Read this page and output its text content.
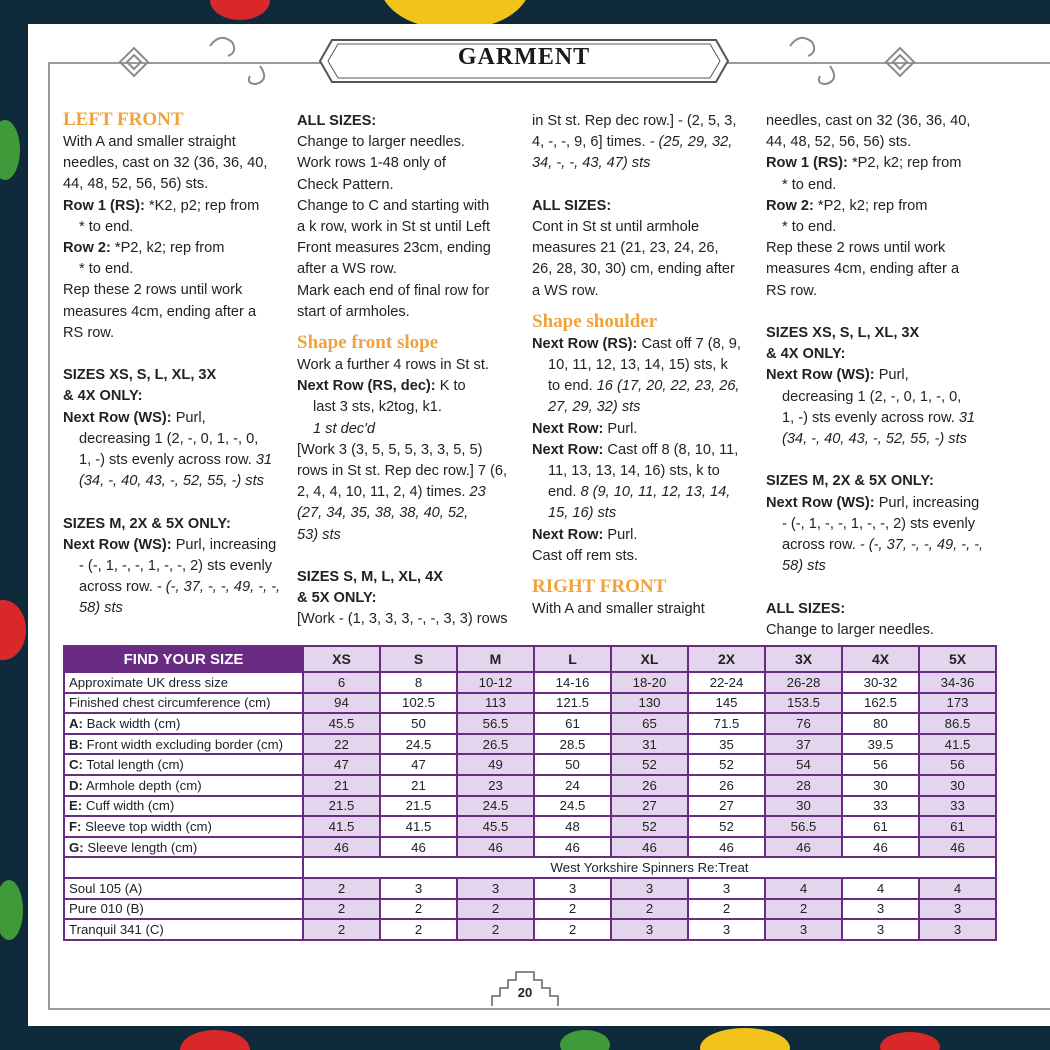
GARMENT

LEFT FRONT

With A and smaller straight

needles, cast on 32 (36, 36, 40,

44, 48, 52, 56, 56) sts.

Row 1 (RS): *K2, p2; rep from

* to end.

Row 2: *P2, k2; rep from

* to end.

Rep these 2 rows until work

measures 4cm, ending after a

RS row.

SIZES XS, S, L, XL, 3X

& 4X ONLY:

Next Row (WS): Purl,

decreasing 1 (2, -, 0, 1, -, 0,

1, -) sts evenly across row. 31

(34, -, 40, 43, -, 52, 55, -) sts

SIZES M, 2X & 5X ONLY:

Next Row (WS): Purl, increasing

- (-, 1, -, -, 1, -, -, 2) sts evenly

across row. - (-, 37, -, -, 49, -, -,

58) sts

ALL SIZES:

Change to larger needles.

Work rows 1-48 only of

Check Pattern.

Change to C and starting with

a k row, work in St st until Left

Front measures 23cm, ending

after a WS row.

Mark each end of final row for

start of armholes.

Shape front slope

Work a further 4 rows in St st.

Next Row (RS, dec): K to

last 3 sts, k2tog, k1.

1 st dec'd

[Work 3 (3, 5, 5, 5, 3, 3, 5, 5)

rows in St st. Rep dec row.] 7 (6,

2, 4, 4, 10, 11, 2, 4) times. 23

(27, 34, 35, 38, 38, 40, 52,

53) sts

SIZES S, M, L, XL, 4X

& 5X ONLY:

[Work - (1, 3, 3, 3, -, -, 3, 3) rows

in St st. Rep dec row.] - (2, 5, 3,

4, -, -, 9, 6] times. - (25, 29, 32,

34, -, -, 43, 47) sts

ALL SIZES:

Cont in St st until armhole

measures 21 (21, 23, 24, 26,

26, 28, 30, 30) cm, ending after

a WS row.

Shape shoulder

Next Row (RS): Cast off 7 (8, 9,

10, 11, 12, 13, 14, 15) sts, k

to end. 16 (17, 20, 22, 23, 26,

27, 29, 32) sts

Next Row: Purl.

Next Row: Cast off 8 (8, 10, 11,

11, 13, 13, 14, 16) sts, k to

end. 8 (9, 10, 11, 12, 13, 14,

15, 16) sts

Next Row: Purl.

Cast off rem sts.

RIGHT FRONT

With A and smaller straight

needles, cast on 32 (36, 36, 40,

44, 48, 52, 56, 56) sts.

Row 1 (RS): *P2, k2; rep from

* to end.

Row 2: *P2, k2; rep from

* to end.

Rep these 2 rows until work

measures 4cm, ending after a

RS row.

SIZES XS, S, L, XL, 3X

& 4X ONLY:

Next Row (WS): Purl,

decreasing 1 (2, -, 0, 1, -, 0,

1, -) sts evenly across row. 31

(34, -, 40, 43, -, 52, 55, -) sts

SIZES M, 2X & 5X ONLY:

Next Row (WS): Purl, increasing

- (-, 1, -, -, 1, -, -, 2) sts evenly

across row. - (-, 37, -, -, 49, -, -,

58) sts

ALL SIZES:

Change to larger needles.

FIND YOUR SIZE	XS	S	M	L	XL	2X	3X	4X	5X
Approximate UK dress size	6	8	10-12	14-16	18-20	22-24	26-28	30-32	34-36
Finished chest circumference (cm)	94	102.5	113	121.5	130	145	153.5	162.5	173
A: Back width (cm)	45.5	50	56.5	61	65	71.5	76	80	86.5
B: Front width excluding border (cm)	22	24.5	26.5	28.5	31	35	37	39.5	41.5
C: Total length (cm)	47	47	49	50	52	52	54	56	56
D: Armhole depth (cm)	21	21	23	24	26	26	28	30	30
E: Cuff width (cm)	21.5	21.5	24.5	24.5	27	27	30	33	33
F: Sleeve top width (cm)	41.5	41.5	45.5	48	52	52	56.5	61	61
G: Sleeve length (cm)	46	46	46	46	46	46	46	46	46
	West Yorkshire Spinners Re:Treat								
Soul 105 (A)	2	3	3	3	3	3	4	4	4
Pure 010 (B)	2	2	2	2	2	2	2	3	3
Tranquil 341 (C)	2	2	2	2	3	3	3	3	3
20
